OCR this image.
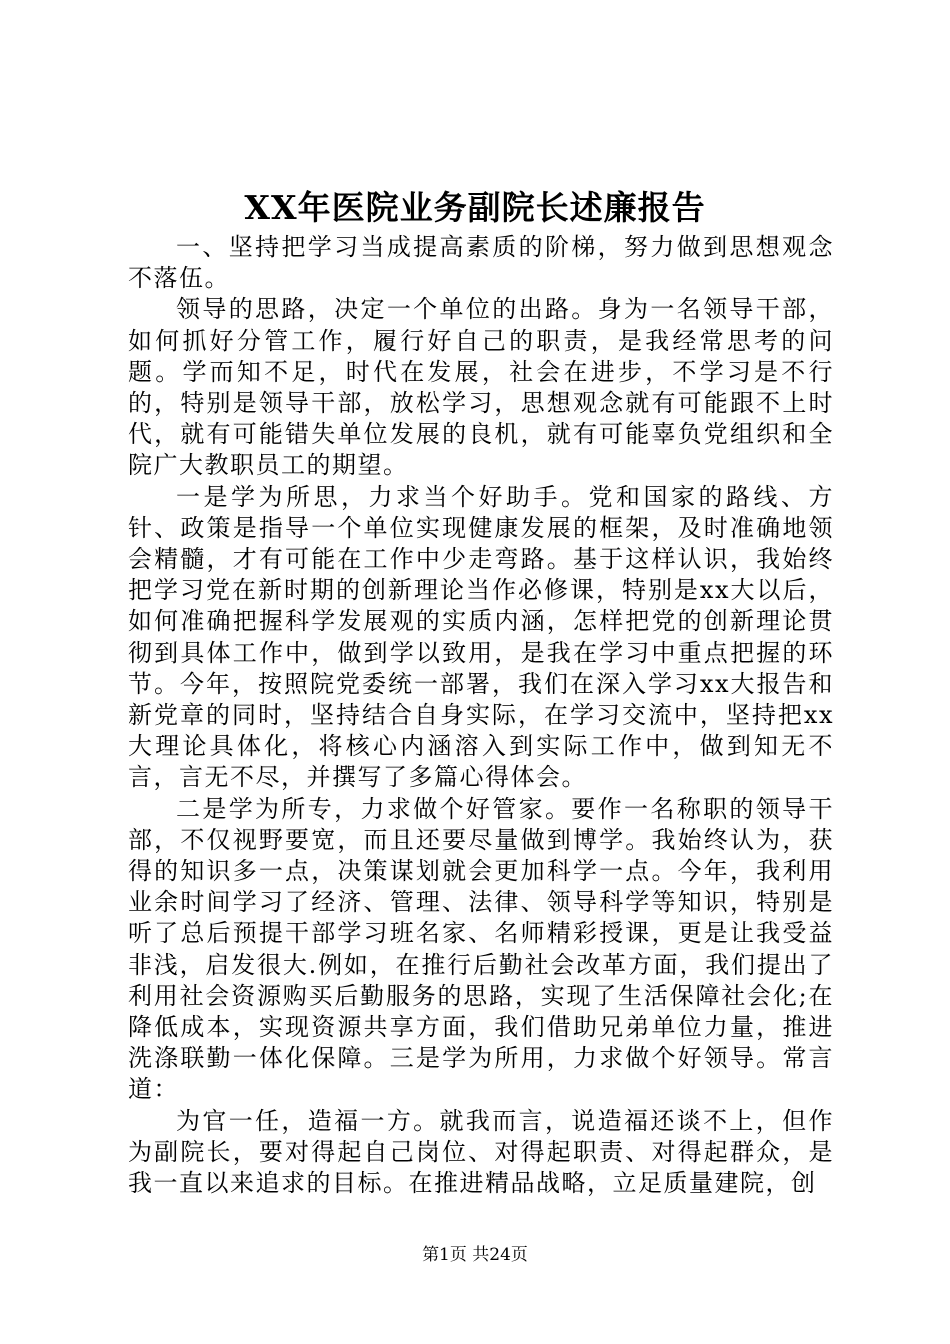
XX年医院业务副院长述廉报告

一、坚持把学习当成提高素质的阶梯，努力做到思想观念不落伍。

领导的思路，决定一个单位的出路。身为一名领导干部，如何抓好分管工作，履行好自己的职责，是我经常思考的问题。学而知不足，时代在发展，社会在进步，不学习是不行的，特别是领导干部，放松学习，思想观念就有可能跟不上时代，就有可能错失单位发展的良机，就有可能辜负党组织和全院广大教职员工的期望。

一是学为所思，力求当个好助手。党和国家的路线、方针、政策是指导一个单位实现健康发展的框架，及时准确地领会精髓，才有可能在工作中少走弯路。基于这样认识，我始终把学习党在新时期的创新理论当作必修课，特别是xx大以后，如何准确把握科学发展观的实质内涵，怎样把党的创新理论贯彻到具体工作中，做到学以致用，是我在学习中重点把握的环节。今年，按照院党委统一部署，我们在深入学习xx大报告和新党章的同时，坚持结合自身实际，在学习交流中，坚持把xx大理论具体化，将核心内涵溶入到实际工作中，做到知无不言，言无不尽，并撰写了多篇心得体会。

二是学为所专，力求做个好管家。要作一名称职的领导干部，不仅视野要宽，而且还要尽量做到博学。我始终认为，获得的知识多一点，决策谋划就会更加科学一点。今年，我利用业余时间学习了经济、管理、法律、领导科学等知识，特别是听了总后预提干部学习班名家、名师精彩授课，更是让我受益非浅，启发很大.例如，在推行后勤社会改革方面，我们提出了利用社会资源购买后勤服务的思路，实现了生活保障社会化;在降低成本，实现资源共享方面，我们借助兄弟单位力量，推进洗涤联勤一体化保障。三是学为所用，力求做个好领导。常言道：

为官一任，造福一方。就我而言，说造福还谈不上，但作为副院长，要对得起自己岗位、对得起职责、对得起群众，是我一直以来追求的目标。在推进精品战略，立足质量建院，创

第1页 共24页
